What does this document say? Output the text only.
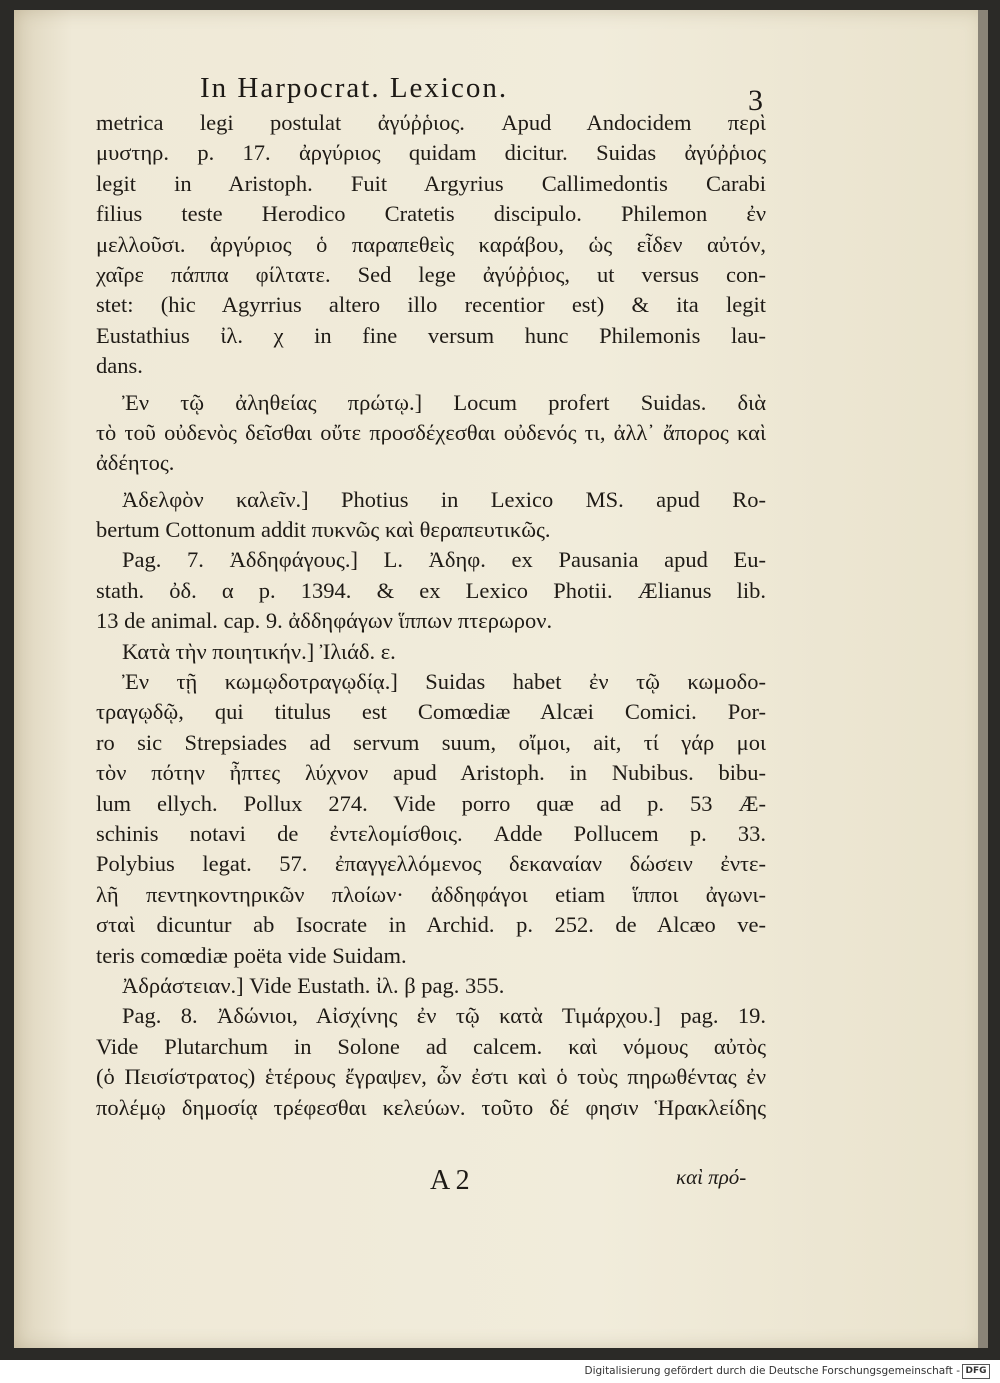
In Harpocrat. Lexicon.	3
metrica legi postulat ἀγύῤῥιος. Apud Andocidem περὶ
μυστηρ. p. 17. ἀργύριος quidam dicitur. Suidas ἀγύῤῥιος
legit in Aristoph. Fuit Argyrius Callimedontis Carabi
filius teste Herodico Cratetis discipulo. Philemon ἐν
μελλοῦσι. ἀργύριος ὁ παραπεθεὶς καράβου, ὡς εἶδεν αὐτόν,
χαῖρε πάππα φίλτατε. Sed lege ἀγύῤῥιος, ut versus con-
stet: (hic Agyrrius altero illo recentior est) & ita legit
Eustathius ἰλ. χ in fine versum hunc Philemonis lau-
dans.
Ἐν τῷ ἀληθείας πρώτῳ.] Locum profert Suidas. διὰ
τὸ τοῦ οὐδενὸς δεῖσθαι οὔτε προσδέχεσθαι οὐδενός τι, ἀλλ᾽ ἄπορος καὶ
ἀδέητος.
Ἀδελφὸν καλεῖν.] Photius in Lexico MS. apud Ro-
bertum Cottonum addit πυκνῶς καὶ θεραπευτικῶς.
Pag. 7. Ἀδδηφάγους.] L. Ἀδηφ. ex Pausania apud Eu-
stath. ὀδ. α p. 1394. & ex Lexico Photii. Ælianus lib.
13 de animal. cap. 9. ἀδδηφάγων ἵππων πτερωρον.
Κατὰ τὴν ποιητικήν.] Ἰλιάδ. ε.
Ἐν τῇ κωμῳδοτραγῳδίᾳ.] Suidas habet ἐν τῷ κωμοδο-
τραγῳδῷ, qui titulus est Comœdiæ Alcæi Comici. Por-
ro sic Strepsiades ad servum suum, οἴμοι, ait, τί γάρ μοι
τὸν πότην ἦπτες λύχνον apud Aristoph. in Nubibus. bibu-
lum ellych. Pollux 274. Vide porro quæ ad p. 53 Æ-
schinis notavi de ἐντελομίσθοις. Adde Pollucem p. 33.
Polybius legat. 57. ἐπαγγελλόμενος δεκαναίαν δώσειν ἐντε-
λῆ πεντηκοντηρικῶν πλοίων· ἀδδηφάγοι etiam ἵπποι ἀγωνι-
σταὶ dicuntur ab Isocrate in Archid. p. 252. de Alcæo ve-
teris comœdiæ poëta vide Suidam.
Ἀδράστειαν.] Vide Eustath. ἰλ. β pag. 355.
Pag. 8. Ἀδώνιοι, Αἰσχίνης ἐν τῷ κατὰ Τιμάρχου.] pag. 19.
Vide Plutarchum in Solone ad calcem. καὶ νόμους αὐτὸς
(ὁ Πεισίστρατος) ἑτέρους ἔγραψεν, ὧν ἐστι καὶ ὁ τοὺς πηρωθέντας ἐν
πολέμῳ δημοσίᾳ τρέφεσθαι κελεύων. τοῦτο δέ φησιν Ἡρακλείδης
A 2	καὶ πρό-
Digitalisierung gefördert durch die Deutsche Forschungsgemeinschaft - DFG
